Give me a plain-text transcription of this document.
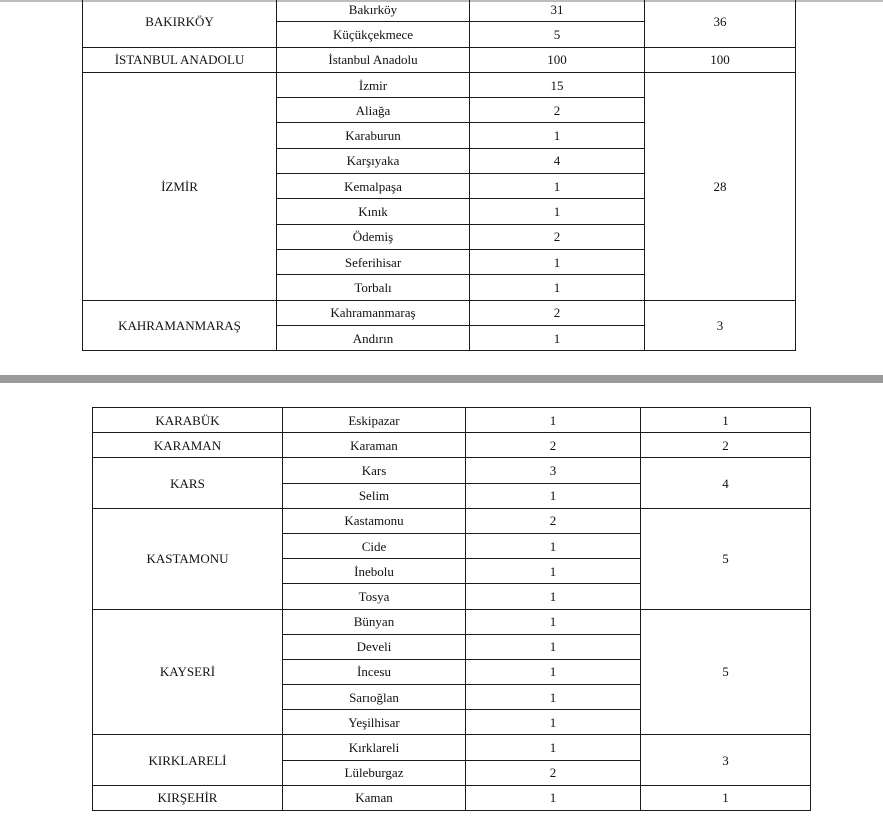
BAKIRKÖY	Bakırköy	31	36
	Küçükçekmece	5	
İSTANBUL ANADOLU	İstanbul Anadolu	100	100
İZMİR	İzmir	15	28
	Aliağa	2	
	Karaburun	1	
	Karşıyaka	4	
	Kemalpaşa	1	
	Kınık	1	
	Ödemiş	2	
	Seferihisar	1	
	Torbalı	1	
KAHRAMANMARAŞ	Kahramanmaraş	2	3
	Andırın	1	
KARABÜK	Eskipazar	1	1
KARAMAN	Karaman	2	2
KARS	Kars	3	4
	Selim	1	
KASTAMONU	Kastamonu	2	5
	Cide	1	
	İnebolu	1	
	Tosya	1	
KAYSERİ	Bünyan	1	5
	Develi	1	
	İncesu	1	
	Sarıoğlan	1	
	Yeşilhisar	1	
KIRKLARELİ	Kırklareli	1	3
	Lüleburgaz	2	
KIRŞEHİR	Kaman	1	1
